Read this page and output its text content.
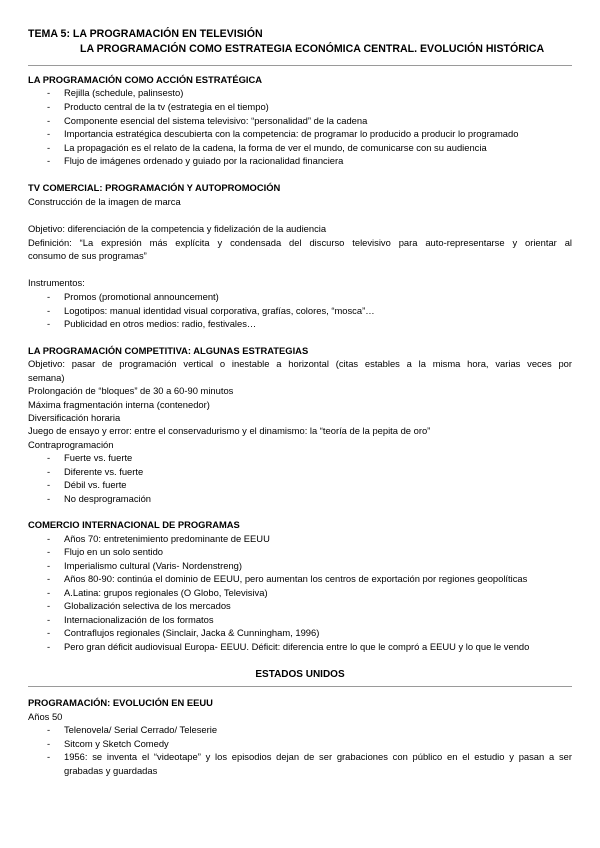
TEMA 5: LA PROGRAMACIÓN EN TELEVISIÓN
LA PROGRAMACIÓN COMO ESTRATEGIA ECONÓMICA CENTRAL. EVOLUCIÓN HISTÓRICA
LA PROGRAMACIÓN COMO ACCIÓN ESTRATÉGICA
- Rejilla (schedule, palinsesto)
- Producto central de la tv (estrategia en el tiempo)
- Componente esencial del sistema televisivo: “personalidad” de la cadena
- Importancia estratégica descubierta con la competencia: de programar lo producido a producir lo programado
- La propagación es el relato de la cadena, la forma de ver el mundo, de comunicarse con su audiencia
- Flujo de imágenes ordenado y guiado por la racionalidad financiera
TV COMERCIAL: PROGRAMACIÓN Y AUTOPROMOCIÓN
Construcción de la imagen de marca
Objetivo: diferenciación de la competencia y fidelización de la audiencia
Definición: “La expresión más explícita y condensada del discurso televisivo para auto-representarse y orientar al
consumo de sus programas”
Instrumentos:
- Promos (promotional announcement)
- Logotipos: manual identidad visual corporativa, grafías, colores, “mosca”…
- Publicidad en otros medios: radio, festivales…
LA PROGRAMACIÓN COMPETITIVA: ALGUNAS ESTRATEGIAS
Objetivo: pasar de programación vertical o inestable a horizontal (citas estables a la misma hora, varias veces por
semana)
Prolongación de “bloques” de 30 a 60-90 minutos
Máxima fragmentación interna (contenedor)
Diversificación horaria
Juego de ensayo y error: entre el conservadurismo y el dinamismo: la “teoría de la pepita de oro”
Contraprogramación
- Fuerte vs. fuerte
- Diferente vs. fuerte
- Débil vs. fuerte
- No desprogramación
COMERCIO INTERNACIONAL DE PROGRAMAS
- Años 70: entretenimiento predominante de EEUU
- Flujo en un solo sentido
- Imperialismo cultural (Varis- Nordenstreng)
- Años 80-90: continúa el dominio de EEUU, pero aumentan los centros de exportación por regiones geopolíticas
- A.Latina: grupos regionales (O Globo, Televisiva)
- Globalización selectiva de los mercados
- Internacionalización de los formatos
- Contraflujos regionales (Sinclair, Jacka & Cunningham, 1996)
- Pero gran déficit audiovisual Europa- EEUU. Déficit: diferencia entre lo que le compró a EEUU y lo que le vendo
ESTADOS UNIDOS
PROGRAMACIÓN: EVOLUCIÓN EN EEUU
Años 50
- Telenovela/ Serial Cerrado/ Teleserie
- Sitcom y Sketch Comedy
- 1956: se inventa el “videotape” y los episodios dejan de ser grabaciones con público en el estudio y pasan a ser
grabadas y guardadas
